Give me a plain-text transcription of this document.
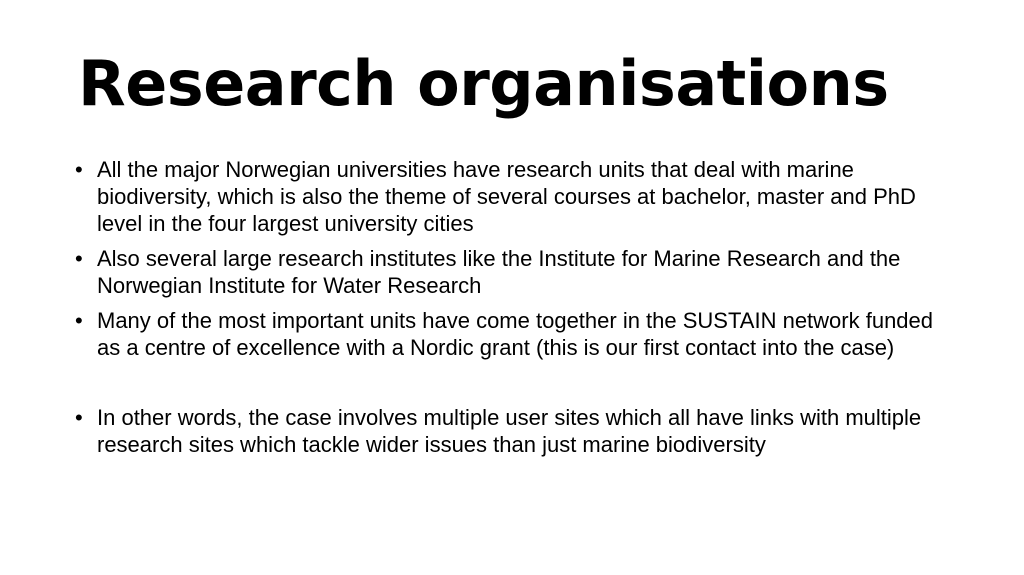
Research organisations
• All the major Norwegian universities have research units that deal with marine biodiversity, which is also the theme of several courses at bachelor, master and PhD level in the four largest university cities
• Also several large research institutes like the Institute for Marine Research and the Norwegian Institute for Water Research
• Many of the most important units have come together in the SUSTAIN network funded as a centre of excellence with a Nordic grant (this is our first contact into the case)
• In other words, the case involves multiple user sites which all have links with multiple research sites which tackle wider issues than just marine biodiversity
